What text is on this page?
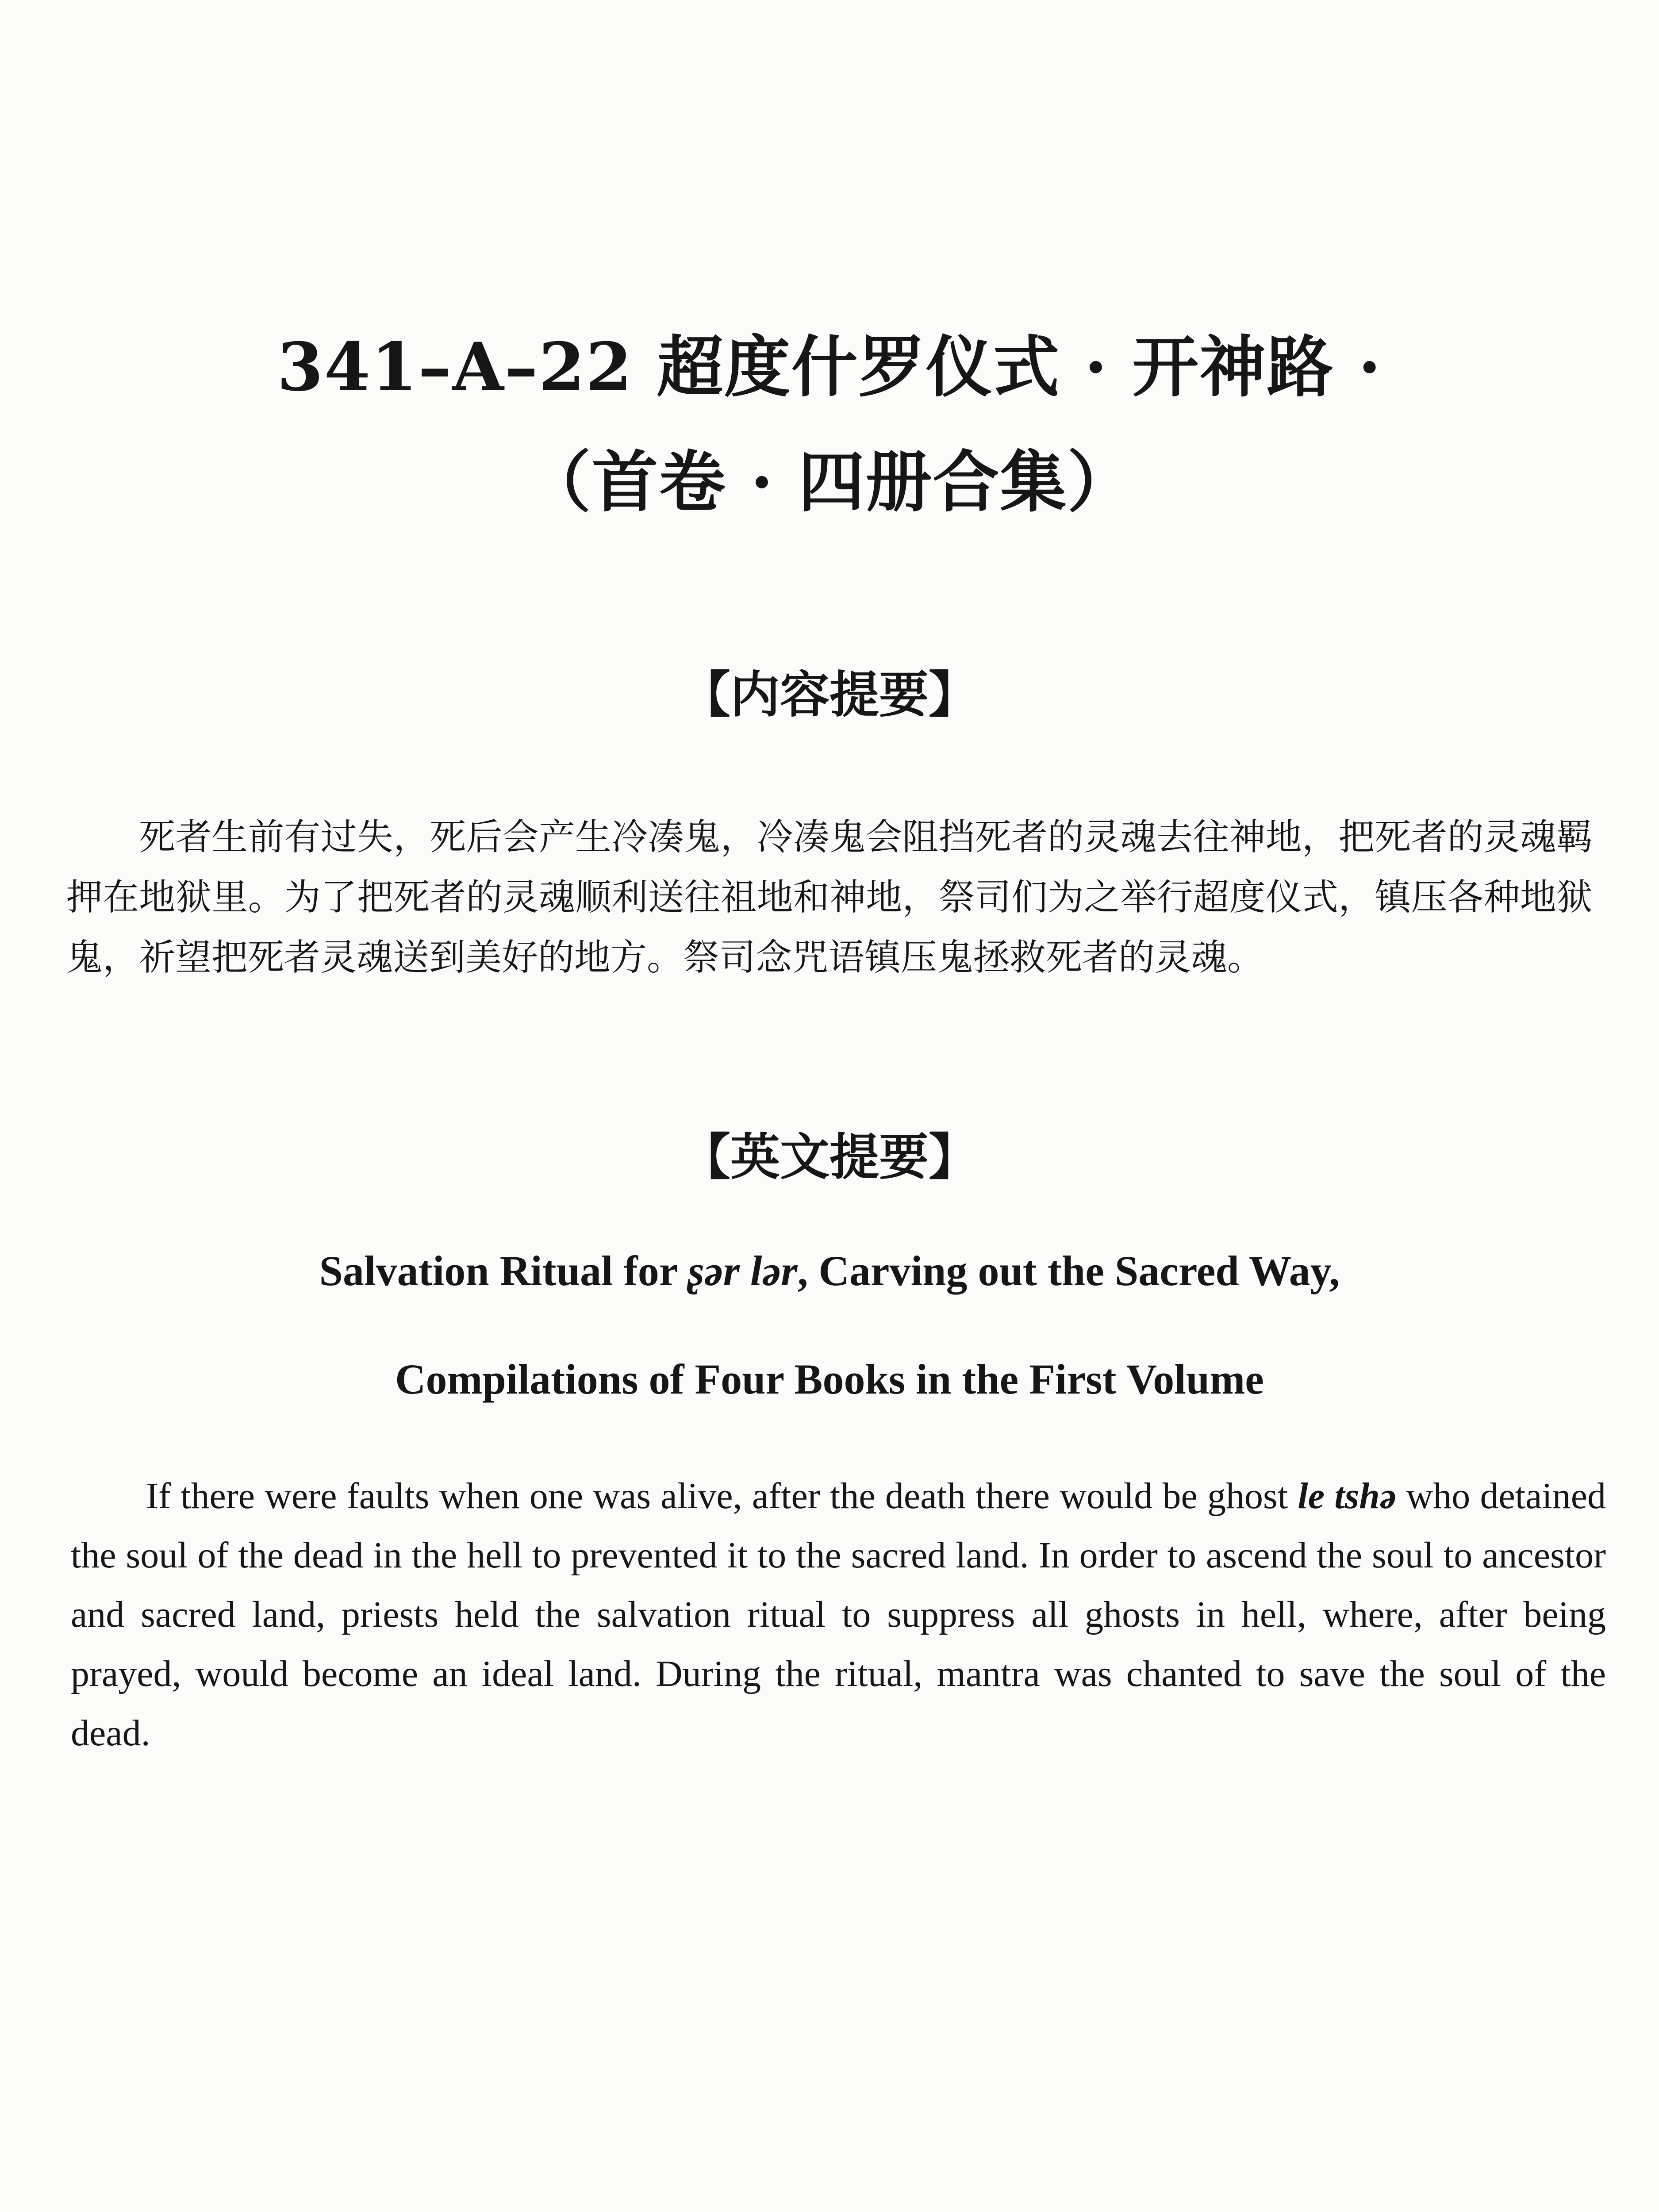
341–A–22 超度什罗仪式 · 开神路 ·
（首卷 · 四册合集）
【内容提要】

死者生前有过失，死后会产生冷凑鬼，冷凑鬼会阻挡死者的灵魂去往神地，把死者的灵魂羁押在地狱里。为了把死者的灵魂顺利送往祖地和神地，祭司们为之举行超度仪式，镇压各种地狱鬼，祈望把死者灵魂送到美好的地方。祭司念咒语镇压鬼拯救死者的灵魂。

【英文提要】
Salvation Ritual for ʂər lər, Carving out the Sacred Way,
Compilations of Four Books in the First Volume

If there were faults when one was alive, after the death there would be ghost le tshə who detained the soul of the dead in the hell to prevented it to the sacred land. In order to ascend the soul to ancestor and sacred land, priests held the salvation ritual to suppress all ghosts in hell, where, after being prayed, would become an ideal land. During the ritual, mantra was chanted to save the soul of the dead.
